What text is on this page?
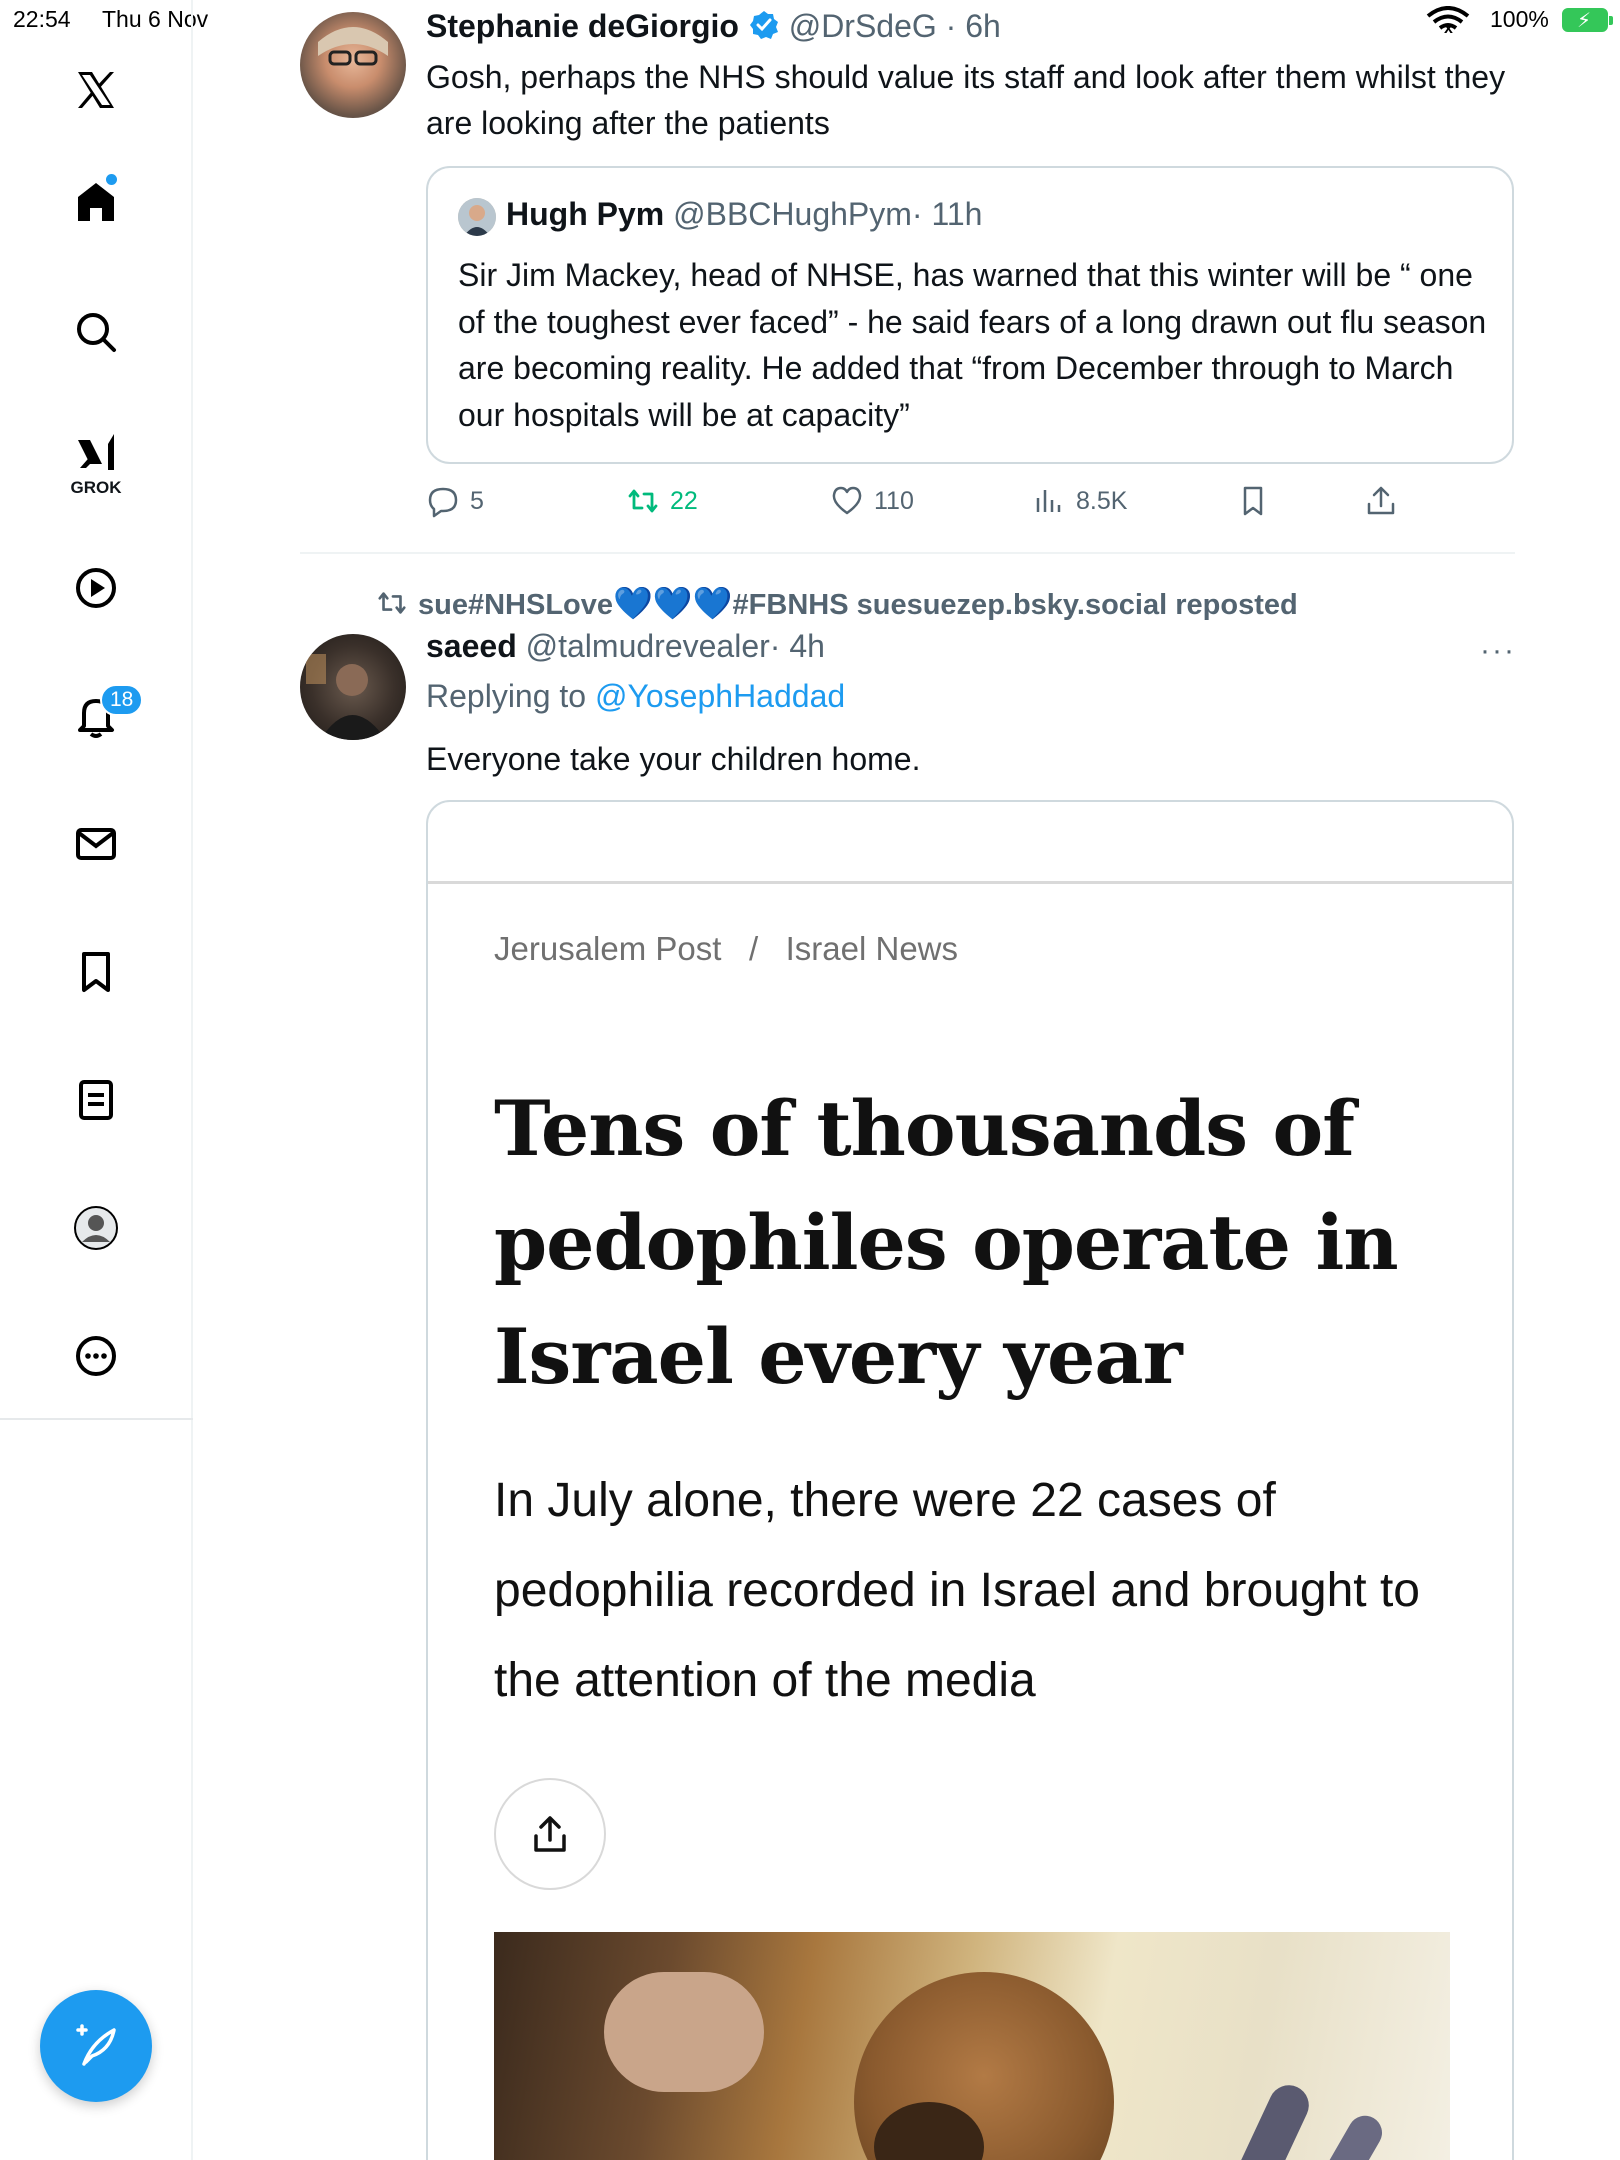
22:54 Thu 6 Nov	x 100% ⚡
GROK
18
Stephanie deGiorgio @DrSdeG · 6h
Gosh, perhaps the NHS should value its staff and look after them whilst they are looking after the patients
Hugh Pym @BBCHughPym· 11h
Sir Jim Mackey, head of NHSE, has warned that this winter will be “ one of the toughest ever faced” - he said fears of a long drawn out flu season are becoming reality. He added that “from December through to March our hospitals will be at capacity”
5	22	110	8.5K
sue#NHSLove💙💙💙#FBNHS suesuezep.bsky.social reposted
saeed @talmudrevealer· 4h	···
Replying to @YosephHaddad
Everyone take your children home.
Jerusalem Post   /   Israel News
Tens of thousands of pedophiles operate in Israel every year
In July alone, there were 22 cases of pedophilia recorded in Israel and brought to the attention of the media
